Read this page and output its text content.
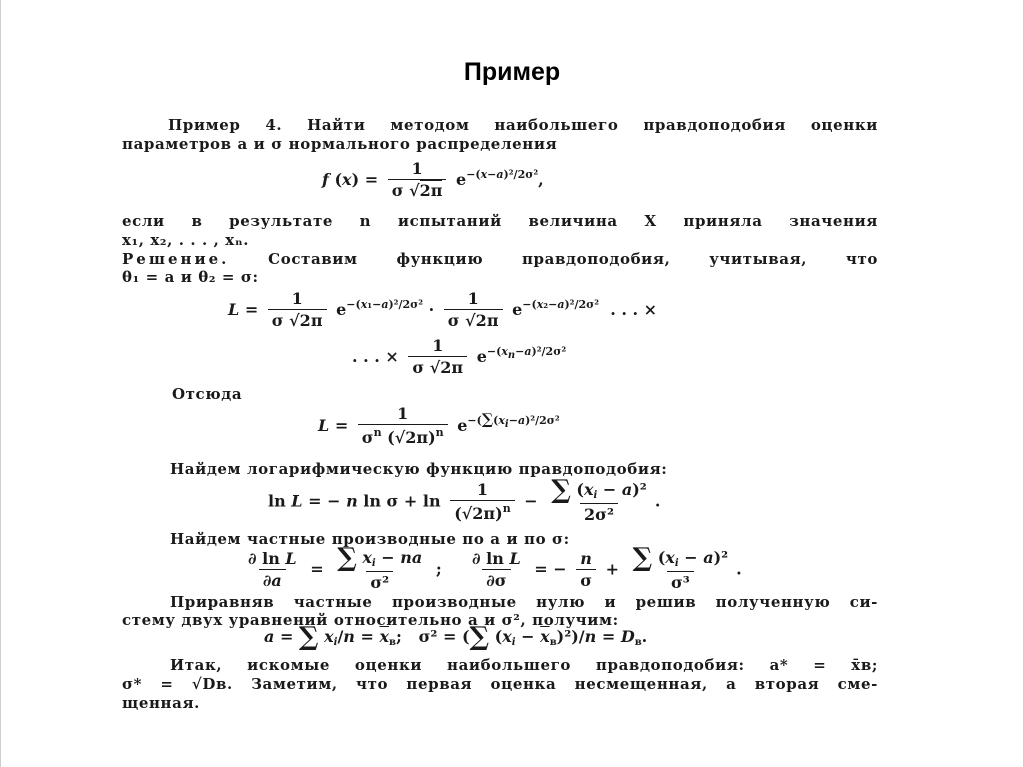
Пример
Пример 4. Найти методом наибольшего правдоподобия оценки
параметров a и σ нормального распределения
f $(x) = \frac{1}{\sigma √2\pi} e^{-(x-a)^2/2\sigma^2}$,
если в результате n испытаний величина X приняла значения
x₁, x₂, . . . , xₙ.
Решение.	Составим функцию правдоподобия, учитывая, что
θ₁ = a и θ₂ = σ:
$L = \frac{1}{\sigma √2\pi} e^{-(x_1-a)^2/2\sigma^2} \cdot \frac{1}{\sigma √2\pi} e^{-(x_2-a)^2/2\sigma^2}$  . . . ×
. . . × $\frac{1}{\sigma √2\pi} e^{-(x_n-a)^2/2\sigma^2}$
Отсюда
$L = \frac{1}{\sigma^n (√2\pi)^n} e^{-(\sum(x_i-a)^2/2\sigma^2}$
Найдем логарифмическую функцию правдоподобия:
ln L = − n $\ln \sigma + \ln \frac{1}{(√2\pi)^n} - \frac{\sum (x_i - a)^2}{\text{2σ²}}$ .
Найдем частные производные по a и по σ:
$\frac{\text{∂ ln L}}{\partial a} = \frac{\sum x_i - na}{\text{σ²}}$ ; $\frac{\text{∂ ln L}}{\partial\sigma}$ = − $\frac{n}{\sigma} + \frac{\sum (x_i - a)^2}{\text{σ³}}$ .
Приравняв частные производные нулю и решив полученную си-
стему двух уравнений относительно a и σ², получим:
a = ∑ $x_i/n = \overline{x}_в$;   σ² = (∑ $(x_i - \overline{x}_в)^2)/n = D_в$.
Итак, искомые оценки наибольшего правдоподобия: a* = x̄в;
σ* = √Dв. Заметим, что первая оценка несмещенная, а вторая сме-
щенная.
